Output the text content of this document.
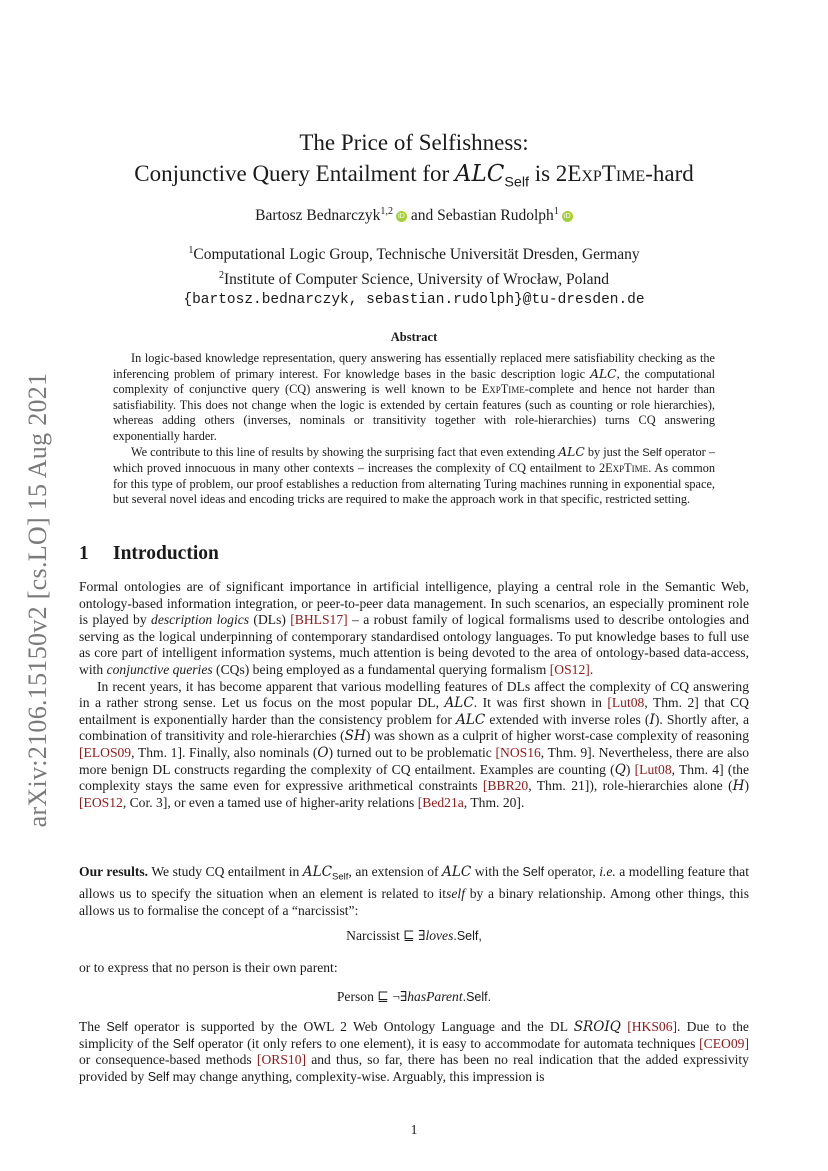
arXiv:2106.15150v2 [cs.LO] 15 Aug 2021
The Price of Selfishness:
Conjunctive Query Entailment for $ALC_{Self}$ is 2ExpTime-hard
Bartosz Bednarczyk$^{1,2}$ iD and Sebastian Rudolph$^1$ iD
$^1$Computational Logic Group, Technische Universität Dresden, Germany
$^2$Institute of Computer Science, University of Wrocław, Poland
{bartosz.bednarczyk, sebastian.rudolph}@tu-dresden.de
Abstract

In logic-based knowledge representation, query answering has essentially replaced mere satisfiability checking as the inferencing problem of primary interest. For knowledge bases in the basic description logic ALC, the computational complexity of conjunctive query (CQ) answering is well known to be ExpTime-complete and hence not harder than satisfiability. This does not change when the logic is extended by certain features (such as counting or role hierarchies), whereas adding others (inverses, nominals or transitivity together with role-hierarchies) turns CQ answering exponentially harder.

We contribute to this line of results by showing the surprising fact that even extending ALC by just the Self operator – which proved innocuous in many other contexts – increases the complexity of CQ entailment to 2ExpTime. As common for this type of problem, our proof establishes a reduction from alternating Turing machines running in exponential space, but several novel ideas and encoding tricks are required to make the approach work in that specific, restricted setting.

1 Introduction

Formal ontologies are of significant importance in artificial intelligence, playing a central role in the Semantic Web, ontology-based information integration, or peer-to-peer data management. In such scenarios, an especially prominent role is played by description logics (DLs) [BHLS17] – a robust family of logical formalisms used to describe ontologies and serving as the logical underpinning of contemporary standardised ontology languages. To put knowledge bases to full use as core part of intelligent information systems, much attention is being devoted to the area of ontology-based data-access, with conjunctive queries (CQs) being employed as a fundamental querying formalism [OS12].

In recent years, it has become apparent that various modelling features of DLs affect the complexity of CQ answering in a rather strong sense. Let us focus on the most popular DL, ALC. It was first shown in [Lut08, Thm. 2] that CQ entailment is exponentially harder than the consistency problem for ALC extended with inverse roles (I). Shortly after, a combination of transitivity and role-hierarchies (SH) was shown as a culprit of higher worst-case complexity of reasoning [ELOS09, Thm. 1]. Finally, also nominals (O) turned out to be problematic [NOS16, Thm. 9]. Nevertheless, there are also more benign DL constructs regarding the complexity of CQ entailment. Examples are counting (Q) [Lut08, Thm. 4] (the complexity stays the same even for expressive arithmetical constraints [BBR20, Thm. 21]), role-hierarchies alone (H) [EOS12, Cor. 3], or even a tamed use of higher-arity relations [Bed21a, Thm. 20].

Our results. We study CQ entailment in $ALC_{Self}$, an extension of ALC with the Self operator, i.e. a modelling feature that allows us to specify the situation when an element is related to itself by a binary relationship. Among other things, this allows us to formalise the concept of a “narcissist”:

Narcissist ⊑ ∃loves.Self,
or to express that no person is their own parent:
Person ⊑ ¬∃hasParent.Self.

The Self operator is supported by the OWL 2 Web Ontology Language and the DL SROIQ [HKS06]. Due to the simplicity of the Self operator (it only refers to one element), it is easy to accommodate for automata techniques [CEO09] or consequence-based methods [ORS10] and thus, so far, there has been no real indication that the added expressivity provided by Self may change anything, complexity-wise. Arguably, this impression is

1
